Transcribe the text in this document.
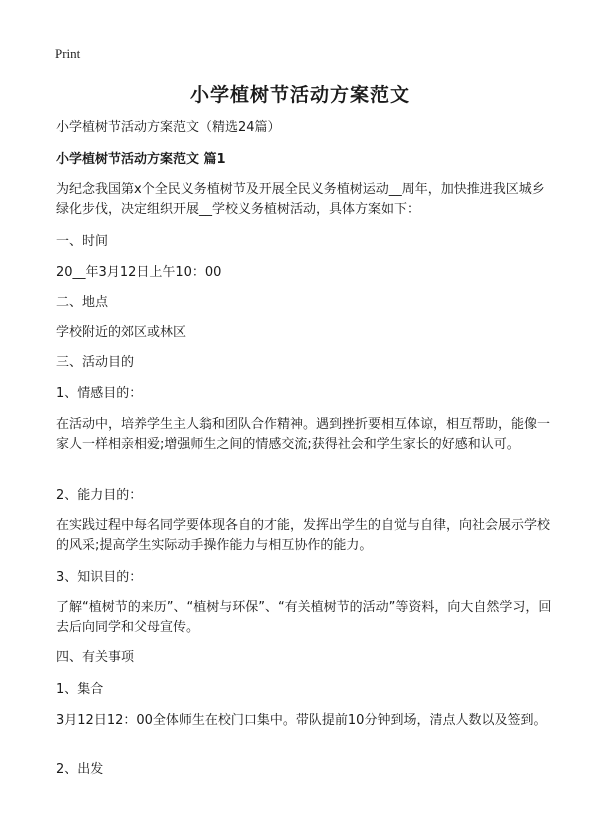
Print
小学植树节活动方案范文
小学植树节活动方案范文（精选24篇）
小学植树节活动方案范文 篇1
为纪念我国第x个全民义务植树节及开展全民义务植树运动__周年，加快推进我区城乡绿化步伐，决定组织开展__学校义务植树活动，具体方案如下：
一、时间
20__年3月12日上午10：00
二、地点
学校附近的郊区或林区
三、活动目的
1、情感目的：
在活动中，培养学生主人翁和团队合作精神。遇到挫折要相互体谅，相互帮助，能像一家人一样相亲相爱;增强师生之间的情感交流;获得社会和学生家长的好感和认可。
2、能力目的：
在实践过程中每名同学要体现各自的才能，发挥出学生的自觉与自律，向社会展示学校的风采;提高学生实际动手操作能力与相互协作的能力。
3、知识目的：
了解“植树节的来历”、“植树与环保”、“有关植树节的活动”等资料，向大自然学习，回去后向同学和父母宣传。
四、有关事项
1、集合
3月12日12：00全体师生在校门口集中。带队提前10分钟到场，清点人数以及签到。
2、出发
